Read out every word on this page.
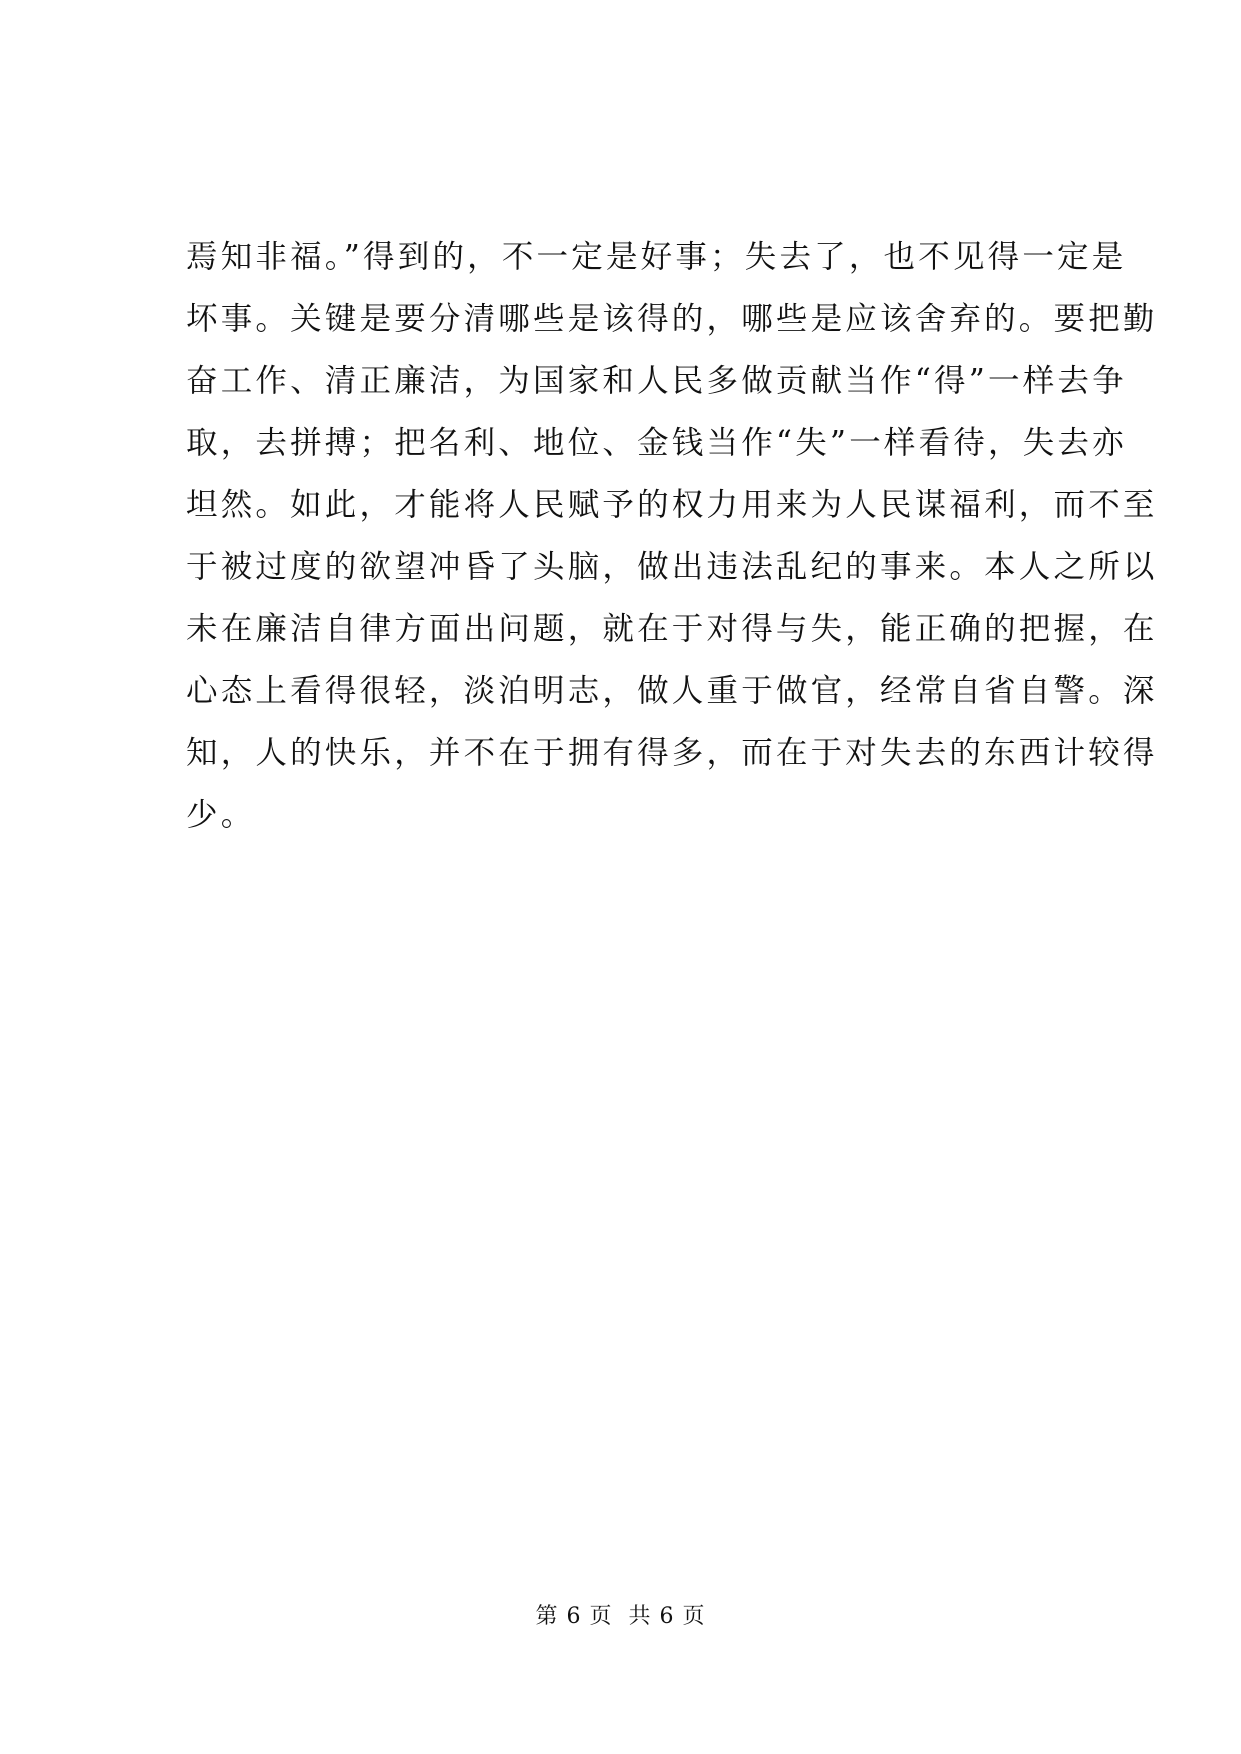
焉知非福。”得到的，不一定是好事；失去了，也不见得一定是
坏事。关键是要分清哪些是该得的，哪些是应该舍弃的。要把勤
奋工作、清正廉洁，为国家和人民多做贡献当作“得”一样去争
取，去拼搏；把名利、地位、金钱当作“失”一样看待，失去亦
坦然。如此，才能将人民赋予的权力用来为人民谋福利，而不至
于被过度的欲望冲昏了头脑，做出违法乱纪的事来。本人之所以
未在廉洁自律方面出问题，就在于对得与失，能正确的把握，在
心态上看得很轻，淡泊明志，做人重于做官，经常自省自警。深
知，人的快乐，并不在于拥有得多，而在于对失去的东西计较得
少。
第 6 页  共 6 页
